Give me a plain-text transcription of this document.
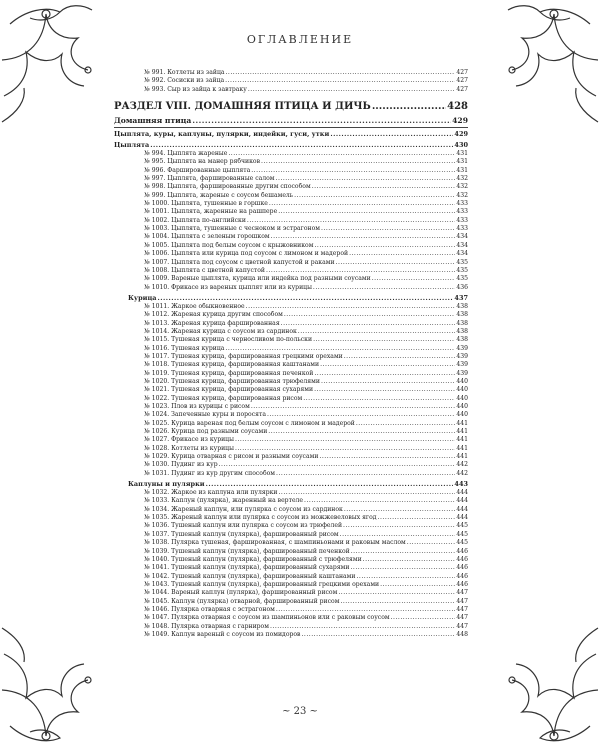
ОГЛАВЛЕНИЕ
№ 991. Котлеты из зайца .....	427
№ 992. Сосиски из зайца .....	427
№ 993. Сыр из зайца к завтраку .....	427
РАЗДЕЛ VIII. ДОМАШНЯЯ ПТИЦА И ДИЧЬ .....	428
Домашняя птица .....	429
Цыплята, куры, каплуны, пулярки, индейки, гуси, утки .....	429
Цыплята .....	430
№ 994. Цыплята жареные .....	431
№ 995. Цыплята на манер рябчиков .....	431
№ 996. Фаршированные цыплята .....	431
№ 997. Цыплята, фаршированные салом .....	432
№ 998. Цыплята, фаршированные другим способом .....	432
№ 999. Цыплята, жареные с соусом бешамель .....	432
№ 1000. Цыплята, тушенные в горшке .....	433
№ 1001. Цыплята, жаренные на рашпере .....	433
№ 1002. Цыплята по-английски .....	433
№ 1003. Цыплята, тушенные с чесноком и эстрагоном .....	433
№ 1004. Цыплята с зеленым горошком .....	434
№ 1005. Цыплята под белым соусом с крыжовником .....	434
№ 1006. Цыплята или курица под соусом с лимоном и мадерой .....	434
№ 1007. Цыплята под соусом с цветной капустой и раками .....	435
№ 1008. Цыплята с цветной капустой .....	435
№ 1009. Вареные цыплята, курица или индейка под разными соусами .....	435
№ 1010. Фрикасе из вареных цыплят или из курицы .....	436
Курица .....	437
№ 1011. Жаркое обыкновенное .....	438
№ 1012. Жареная курица другим способом .....	438
№ 1013. Жареная курица фаршированная .....	438
№ 1014. Жареная курица с соусом из сардинок .....	438
№ 1015. Тушеная курица с черносливом по-польски .....	438
№ 1016. Тушеная курица .....	439
№ 1017. Тушеная курица, фаршированная грецкими орехами .....	439
№ 1018. Тушеная курица, фаршированная каштанами .....	439
№ 1019. Тушеная курица, фаршированная печенкой .....	439
№ 1020. Тушеная курица, фаршированная трюфелями .....	440
№ 1021. Тушеная курица, фаршированная сухарями .....	440
№ 1022. Тушеная курица, фаршированная рисом .....	440
№ 1023. Плов из курицы с рисом .....	440
№ 1024. Запеченные куры и поросята .....	440
№ 1025. Курица вареная под белым соусом с лимоном и мадерой .....	441
№ 1026. Курица под разными соусами .....	441
№ 1027. Фрикасе из курицы .....	441
№ 1028. Котлеты из курицы .....	441
№ 1029. Курица отварная с рисом и разными соусами .....	441
№ 1030. Пудинг из кур .....	442
№ 1031. Пудинг из кур другим способом .....	442
Каплуны и пулярки .....	443
№ 1032. Жаркое из каплуна или пулярки .....	444
№ 1033. Каплун (пулярка), жаренный на вертеле .....	444
№ 1034. Жареный каплун, или пулярка с соусом из сардинок .....	444
№ 1035. Жареный каплун или пулярка с соусом из можжевеловых ягод .....	444
№ 1036. Тушеный каплун или пулярка с соусом из трюфелей .....	445
№ 1037. Тушеный каплун (пулярка), фаршированный рисом .....	445
№ 1038. Пулярка тушеная, фаршированная, с шампиньонами и раковым маслом .....	445
№ 1039. Тушеный каплун (пулярка), фаршированный печенкой .....	446
№ 1040. Тушеный каплун (пулярка), фаршированный с трюфелями .....	446
№ 1041. Тушеный каплун (пулярка), фаршированный сухарями .....	446
№ 1042. Тушеный каплун (пулярка), фаршированный каштанами .....	446
№ 1043. Тушеный каплун (пулярка), фаршированный грецкими орехами .....	446
№ 1044. Вареный каплун (пулярка), фаршированный рисом .....	447
№ 1045. Каплун (пулярка) отварной, фаршированный рисом .....	447
№ 1046. Пулярка отварная с эстрагоном .....	447
№ 1047. Пулярка отварная с соусом из шампиньонов или с раковым соусом .....	447
№ 1048. Пулярка отварная с гарниром .....	447
№ 1049. Каплун вареный с соусом из помидоров .....	448
~ 23 ~
